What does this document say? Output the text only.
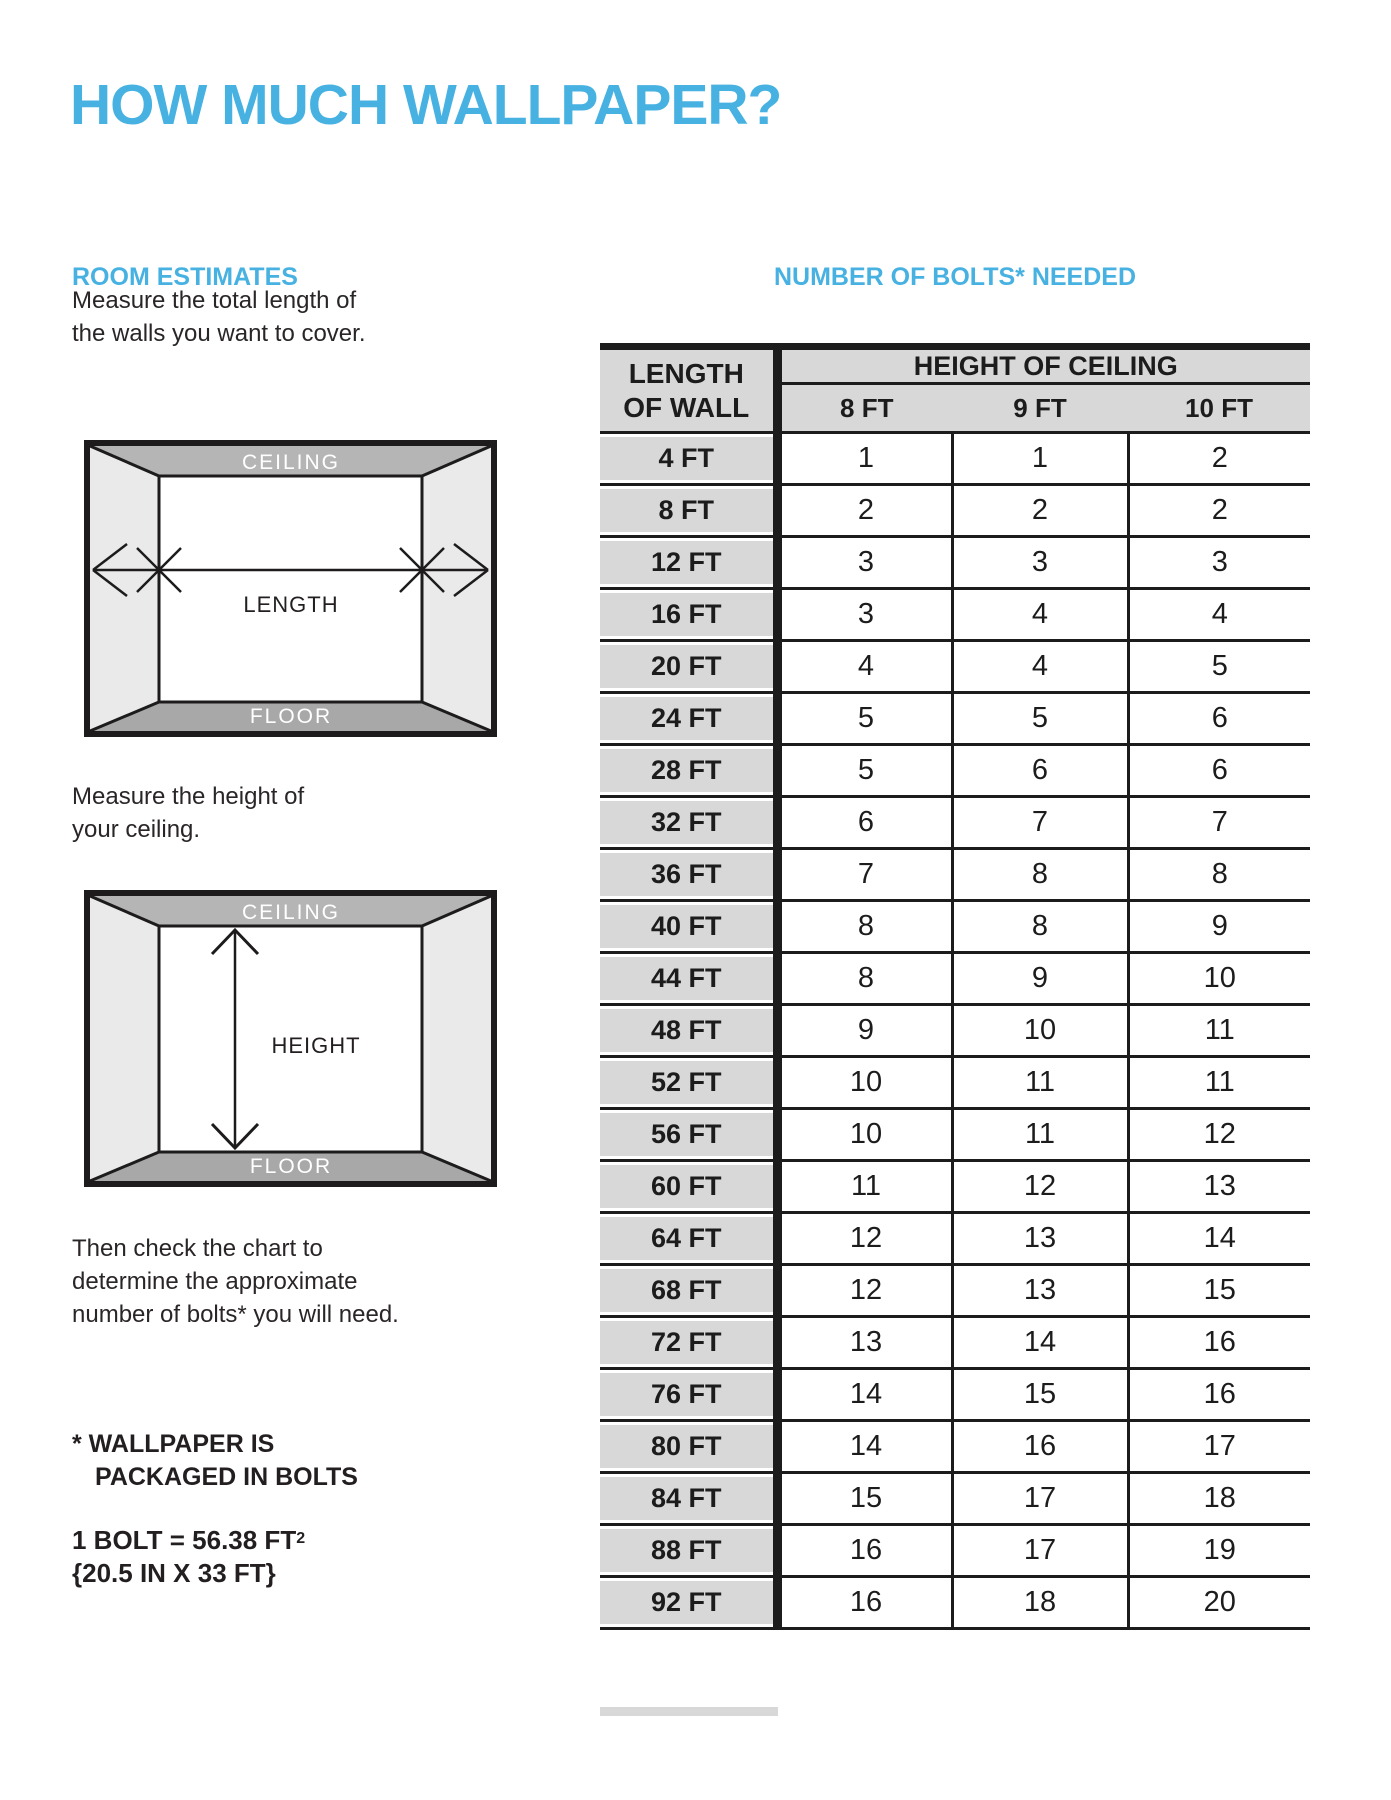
HOW MUCH WALLPAPER?
ROOM ESTIMATES	NUMBER OF BOLTS* NEEDED
Measure the total length of
the walls you want to cover.
CEILING
FLOOR
LENGTH
Measure the height of
your ceiling.
CEILING
FLOOR
HEIGHT
Then check the chart to
determine the approximate
number of bolts* you will need.
* WALLPAPER IS
PACKAGED IN BOLTS
1 BOLT = 56.38 $FT^2$
{20.5 IN X 33 FT}
LENGTH
OF WALL	HEIGHT OF CEILING		
	8 FT	9 FT	10 FT
4 FT	1	1	2
8 FT	2	2	2
12 FT	3	3	3
16 FT	3	4	4
20 FT	4	4	5
24 FT	5	5	6
28 FT	5	6	6
32 FT	6	7	7
36 FT	7	8	8
40 FT	8	8	9
44 FT	8	9	10
48 FT	9	10	11
52 FT	10	11	11
56 FT	10	11	12
60 FT	11	12	13
64 FT	12	13	14
68 FT	12	13	15
72 FT	13	14	16
76 FT	14	15	16
80 FT	14	16	17
84 FT	15	17	18
88 FT	16	17	19
92 FT	16	18	20
